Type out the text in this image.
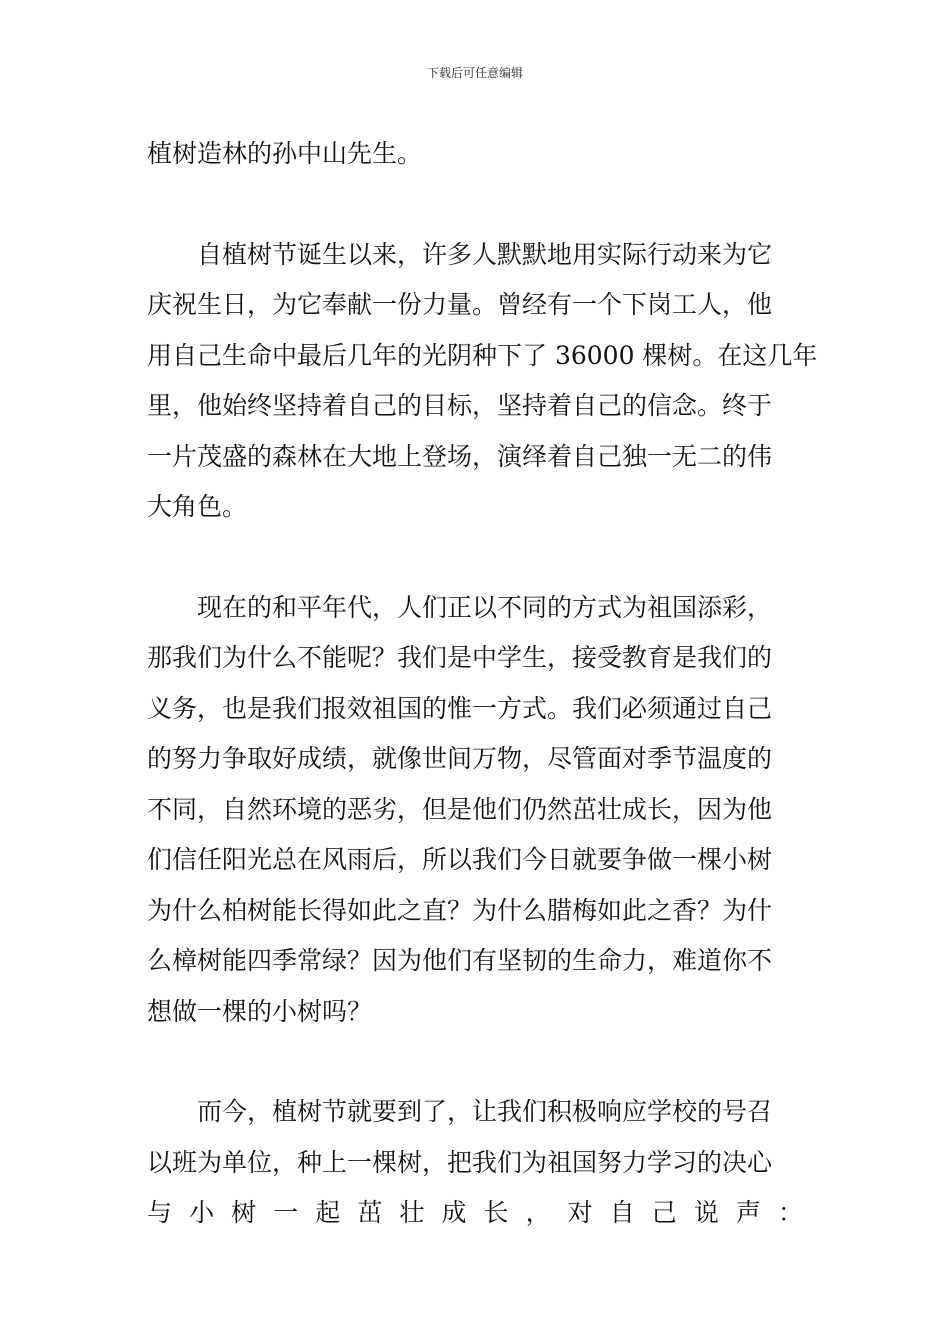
下载后可任意编辑

植树造林的孙中山先生。

自植树节诞生以来，许多人默默地用实际行动来为它
庆祝生日，为它奉献一份力量。曾经有一个下岗工人，他
用自己生命中最后几年的光阴种下了 36000 棵树。在这几年
里，他始终坚持着自己的目标，坚持着自己的信念。终于
一片茂盛的森林在大地上登场，演绎着自己独一无二的伟
大角色。

现在的和平年代，人们正以不同的方式为祖国添彩，
那我们为什么不能呢？我们是中学生，接受教育是我们的
义务，也是我们报效祖国的惟一方式。我们必须通过自己
的努力争取好成绩，就像世间万物，尽管面对季节温度的
不同，自然环境的恶劣，但是他们仍然茁壮成长，因为他
们信任阳光总在风雨后，所以我们今日就要争做一棵小树
为什么柏树能长得如此之直？为什么腊梅如此之香？为什
么樟树能四季常绿？因为他们有坚韧的生命力，难道你不
想做一棵的小树吗？

而今，植树节就要到了，让我们积极响应学校的号召
以班为单位，种上一棵树，把我们为祖国努力学习的决心
与 小 树 一 起 茁 壮 成 长 ， 对 自 己 说 声 ：
